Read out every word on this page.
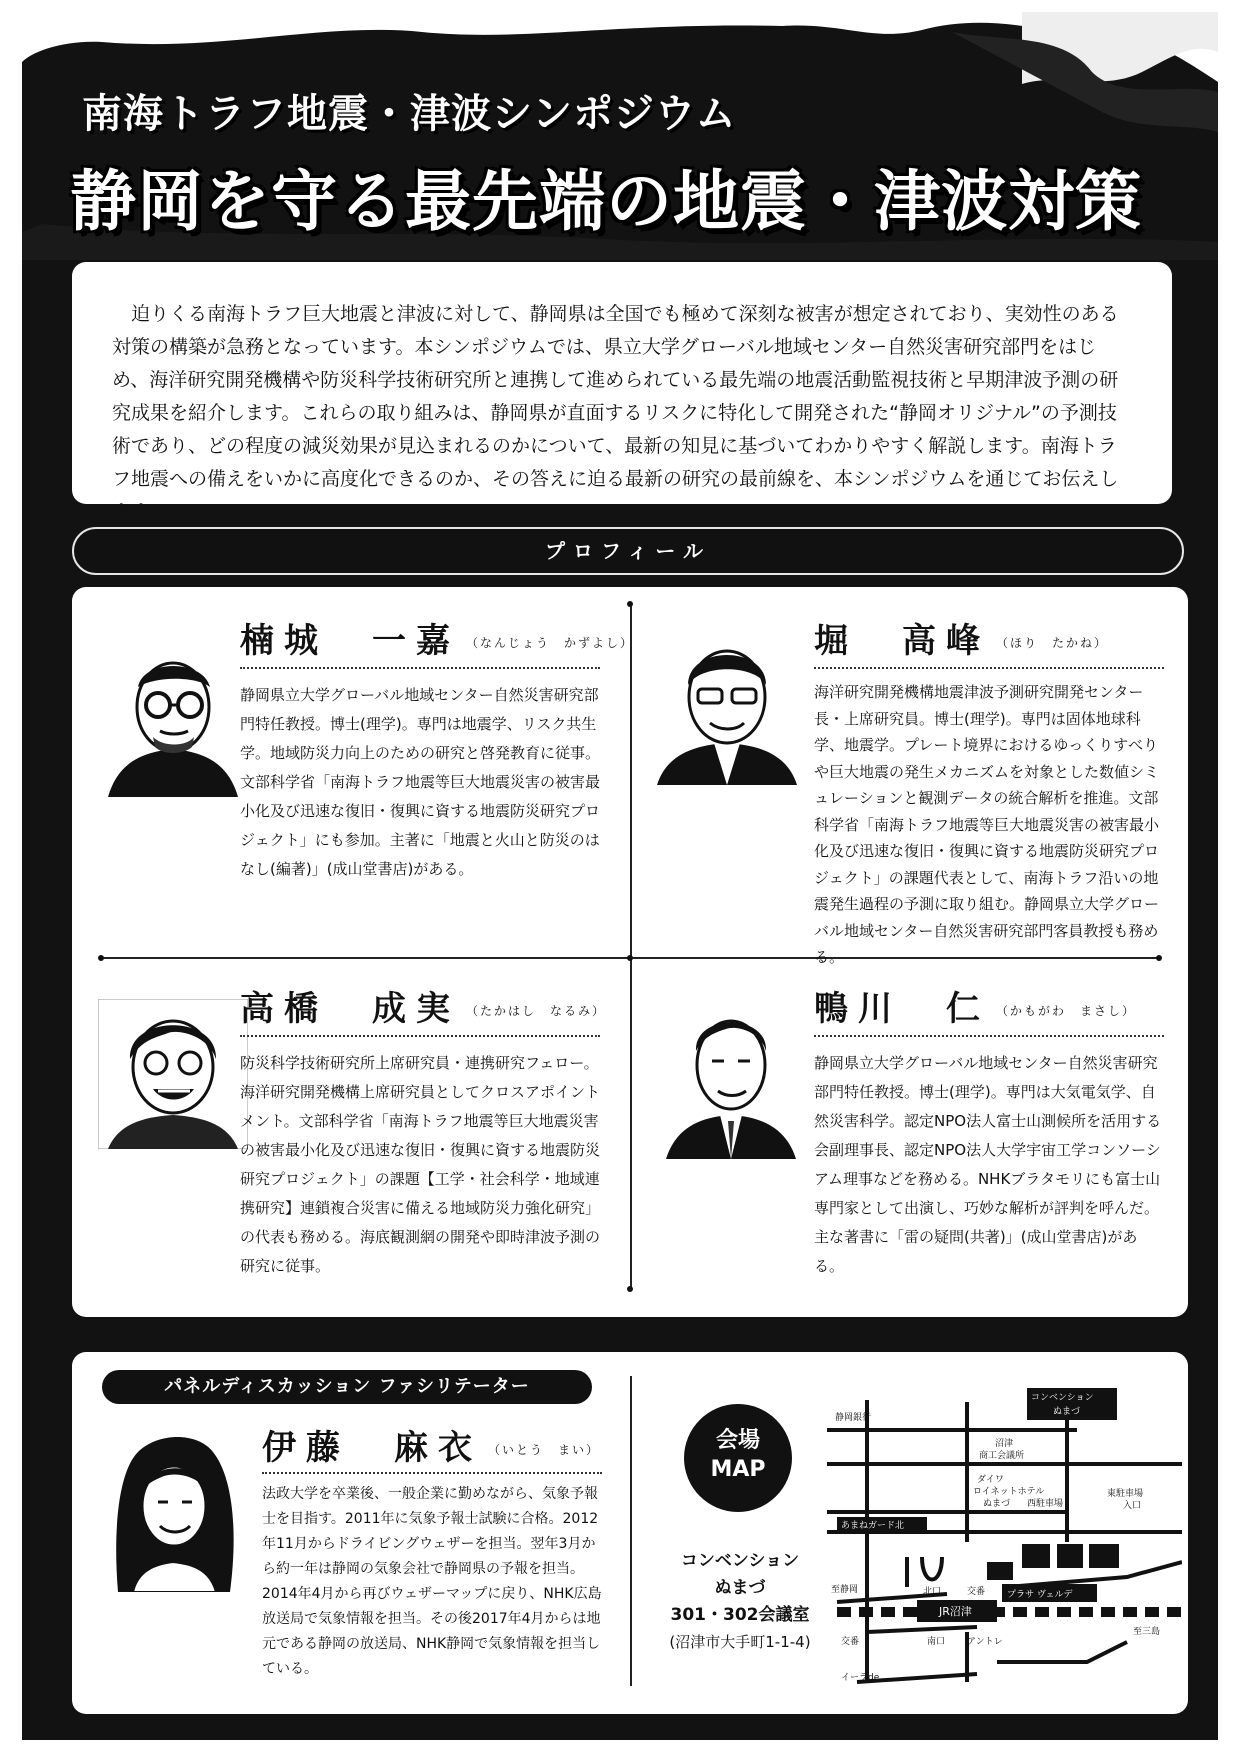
南海トラフ地震・津波シンポジウム
静岡を守る最先端の地震・津波対策

迫りくる南海トラフ巨大地震と津波に対して、静岡県は全国でも極めて深刻な被害が想定されており、実効性のある対策の構築が急務となっています。本シンポジウムでは、県立大学グローバル地域センター自然災害研究部門をはじめ、海洋研究開発機構や防災科学技術研究所と連携して進められている最先端の地震活動監視技術と早期津波予測の研究成果を紹介します。これらの取り組みは、静岡県が直面するリスクに特化して開発された“静岡オリジナル”の予測技術であり、どの程度の減災効果が見込まれるのかについて、最新の知見に基づいてわかりやすく解説します。南海トラフ地震への備えをいかに高度化できるのか、その答えに迫る最新の研究の最前線を、本シンポジウムを通じてお伝えします。

プロフィール
楠城　一嘉 （なんじょう　かずよし）

静岡県立大学グローバル地域センター自然災害研究部門特任教授。博士(理学)。専門は地震学、リスク共生学。地域防災力向上のための研究と啓発教育に従事。文部科学省「南海トラフ地震等巨大地震災害の被害最小化及び迅速な復旧・復興に資する地震防災研究プロジェクト」にも参加。主著に「地震と火山と防災のはなし(編著)」(成山堂書店)がある。

堀　高峰 （ほり　たかね）

海洋研究開発機構地震津波予測研究開発センター長・上席研究員。博士(理学)。専門は固体地球科学、地震学。プレート境界におけるゆっくりすべりや巨大地震の発生メカニズムを対象とした数値シミュレーションと観測データの統合解析を推進。文部科学省「南海トラフ地震等巨大地震災害の被害最小化及び迅速な復旧・復興に資する地震防災研究プロジェクト」の課題代表として、南海トラフ沿いの地震発生過程の予測に取り組む。静岡県立大学グローバル地域センター自然災害研究部門客員教授も務める。

高橋　成実 （たかはし　なるみ）

防災科学技術研究所上席研究員・連携研究フェロー。海洋研究開発機構上席研究員としてクロスアポイントメント。文部科学省「南海トラフ地震等巨大地震災害の被害最小化及び迅速な復旧・復興に資する地震防災研究プロジェクト」の課題【工学・社会科学・地域連携研究】連鎖複合災害に備える地域防災力強化研究」の代表も務める。海底観測網の開発や即時津波予測の研究に従事。

鴨川　仁 （かもがわ　まさし）

静岡県立大学グローバル地域センター自然災害研究部門特任教授。博士(理学)。専門は大気電気学、自然災害科学。認定NPO法人富士山測候所を活用する会副理事長、認定NPO法人大学宇宙工学コンソーシアム理事などを務める。NHKブラタモリにも富士山専門家として出演し、巧妙な解析が評判を呼んだ。主な著書に「雷の疑問(共著)」(成山堂書店)がある。

パネルディスカッション ファシリテーター
伊藤　麻衣 （いとう　まい）

法政大学を卒業後、一般企業に勤めながら、気象予報士を目指す。2011年に気象予報士試験に合格。2012年11月からドライビングウェザーを担当。翌年3月から約一年は静岡の気象会社で静岡県の予報を担当。2014年4月から再びウェザーマップに戻り、NHK広島放送局で気象情報を担当。その後2017年4月からは地元である静岡の放送局、NHK静岡で気象情報を担当している。

会場
MAP
コンベンション
ぬまづ
301・302会議室
(沼津市大手町1-1-4)
コンベンション
ぬまづ
静岡銀行
沼津
商工会議所
ダイワ
ロイネットホテル
ぬまづ 西駐車場
東駐車場
入口
あまねガード北
北口	交番
JR沼津
プラサ ヴェルデ
至静岡
至三島
交番	南口 アントレ
イーラde
